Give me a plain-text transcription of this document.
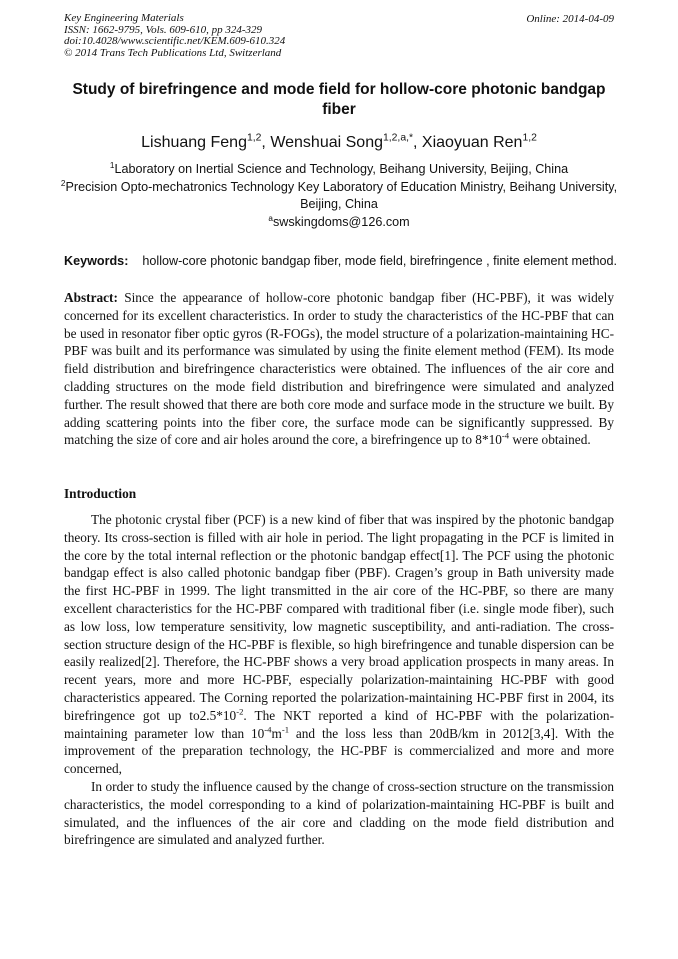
Key Engineering Materials
ISSN: 1662-9795, Vols. 609-610, pp 324-329
doi:10.4028/www.scientific.net/KEM.609-610.324
© 2014 Trans Tech Publications Ltd, Switzerland
Online: 2014-04-09
Study of birefringence and mode field for hollow-core photonic bandgap fiber
Lishuang Feng$^{1,2}$, Wenshuai Song$^{1,2,a,*}$, Xiaoyuan Ren$^{1,2}$
$^1$Laboratory on Inertial Science and Technology, Beihang University, Beijing, China
$^2$Precision Opto-mechatronics Technology Key Laboratory of Education Ministry, Beihang University, Beijing, China
$^a$swskingdoms@126.com
Keywords: hollow-core photonic bandgap fiber, mode field, birefringence , finite element method.

Abstract: Since the appearance of hollow-core photonic bandgap fiber (HC-PBF), it was widely concerned for its excellent characteristics. In order to study the characteristics of the HC-PBF that can be used in resonator fiber optic gyros (R-FOGs), the model structure of a polarization-maintaining HC-PBF was built and its performance was simulated by using the finite element method (FEM). Its mode field distribution and birefringence characteristics were obtained. The influences of the air core and cladding structures on the mode field distribution and birefringence were simulated and analyzed further. The result showed that there are both core mode and surface mode in the structure we built. By adding scattering points into the fiber core, the surface mode can be significantly suppressed. By matching the size of core and air holes around the core, a birefringence up to $8*10^{-4}$ were obtained.

Introduction

The photonic crystal fiber (PCF) is a new kind of fiber that was inspired by the photonic bandgap theory. Its cross-section is filled with air hole in period. The light propagating in the PCF is limited in the core by the total internal reflection or the photonic bandgap effect[1]. The PCF using the photonic bandgap effect is also called photonic bandgap fiber (PBF). Cragen’s group in Bath university made the first HC-PBF in 1999. The light transmitted in the air core of the HC-PBF, so there are many excellent characteristics for the HC-PBF compared with traditional fiber (i.e. single mode fiber), such as low loss, low temperature sensitivity, low magnetic susceptibility, and anti-radiation. The cross-section structure design of the HC-PBF is flexible, so high birefringence and tunable dispersion can be easily realized[2]. Therefore, the HC-PBF shows a very broad application prospects in many areas. In recent years, more and more HC-PBF, especially polarization-maintaining HC-PBF with good characteristics appeared. The Corning reported the polarization-maintaining HC-PBF first in 2004, its birefringence got up $to2.5*10^{-2}$. The NKT reported a kind of HC-PBF with the polarization-maintaining parameter low than $10^{-4}m^{-1}$ and the loss less than 20dB/km in 2012[3,4]. With the improvement of the preparation technology, the HC-PBF is commercialized and more and more concerned,

In order to study the influence caused by the change of cross-section structure on the transmission characteristics, the model corresponding to a kind of polarization-maintaining HC-PBF is built and simulated, and the influences of the air core and cladding on the mode field distribution and birefringence are simulated and analyzed further.
